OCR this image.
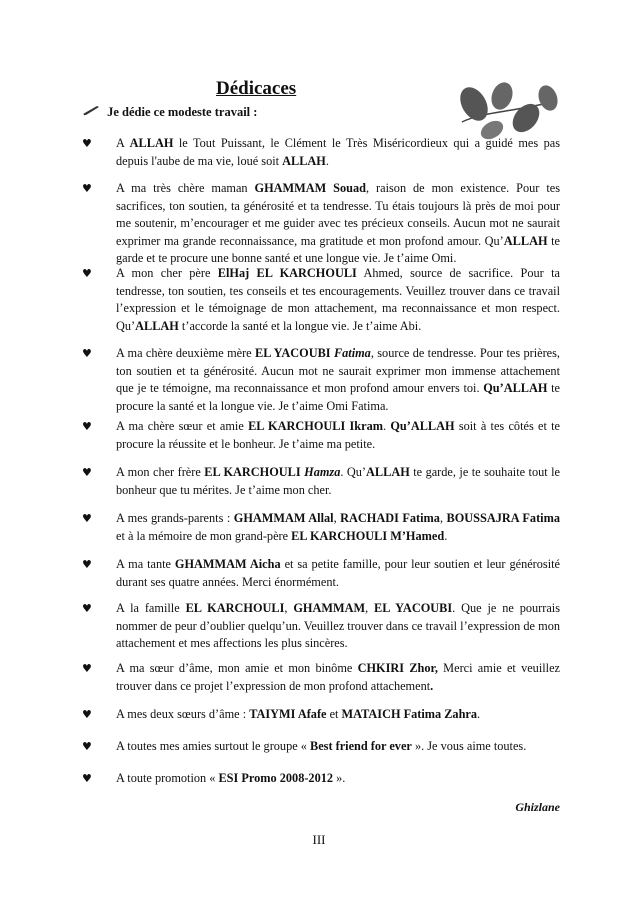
Dédicaces
Je dédie ce modeste travail :
♥	A ALLAH le Tout Puissant, le Clément le Très Miséricordieux qui a guidé mes pas depuis l'aube de ma vie, loué soit ALLAH.
♥	A ma très chère maman GHAMMAM Souad, raison de mon existence. Pour tes sacrifices, ton soutien, ta générosité et ta tendresse. Tu étais toujours là près de moi pour me soutenir, m’encourager et me guider avec tes précieux conseils. Aucun mot ne saurait exprimer ma grande reconnaissance, ma gratitude et mon profond amour. Qu’ALLAH te garde et te procure une bonne santé et une longue vie. Je t’aime Omi.
♥	A mon cher père ElHaj EL KARCHOULI Ahmed, source de sacrifice. Pour ta tendresse, ton soutien, tes conseils et tes encouragements. Veuillez trouver dans ce travail l’expression et le témoignage de mon attachement, ma reconnaissance et mon respect. Qu’ALLAH t’accorde la santé et la longue vie. Je t’aime Abi.
♥	A ma chère deuxième mère EL YACOUBI Fatima, source de tendresse. Pour tes prières, ton soutien et ta générosité. Aucun mot ne saurait exprimer mon immense attachement que je te témoigne, ma reconnaissance et mon profond amour envers toi. Qu’ALLAH te procure la santé et la longue vie. Je t’aime Omi Fatima.
♥	A ma chère sœur et amie EL KARCHOULI Ikram. Qu’ALLAH soit à tes côtés et te procure la réussite et le bonheur. Je t’aime ma petite.
♥	A mon cher frère EL KARCHOULI Hamza. Qu’ALLAH te garde, je te souhaite tout le bonheur que tu mérites. Je t’aime mon cher.
♥	A mes grands-parents : GHAMMAM Allal, RACHADI Fatima, BOUSSAJRA Fatima et à la mémoire de mon grand-père EL KARCHOULI M’Hamed.
♥	A ma tante GHAMMAM Aicha et sa petite famille, pour leur soutien et leur générosité durant ses quatre années. Merci énormément.
♥	A la famille EL KARCHOULI, GHAMMAM, EL YACOUBI. Que je ne pourrais nommer de peur d’oublier quelqu’un. Veuillez trouver dans ce travail l’expression de mon attachement et mes affections les plus sincères.
♥	A ma sœur d’âme, mon amie et mon binôme CHKIRI Zhor, Merci amie et veuillez trouver dans ce projet l’expression de mon profond attachement.
♥	A mes deux sœurs d’âme : TAIYMI Afafe et MATAICH Fatima Zahra.
♥	A toutes mes amies surtout le groupe « Best friend for ever ». Je vous aime toutes.
♥	A toute promotion « ESI Promo 2008-2012 ».
Ghizlane
III
